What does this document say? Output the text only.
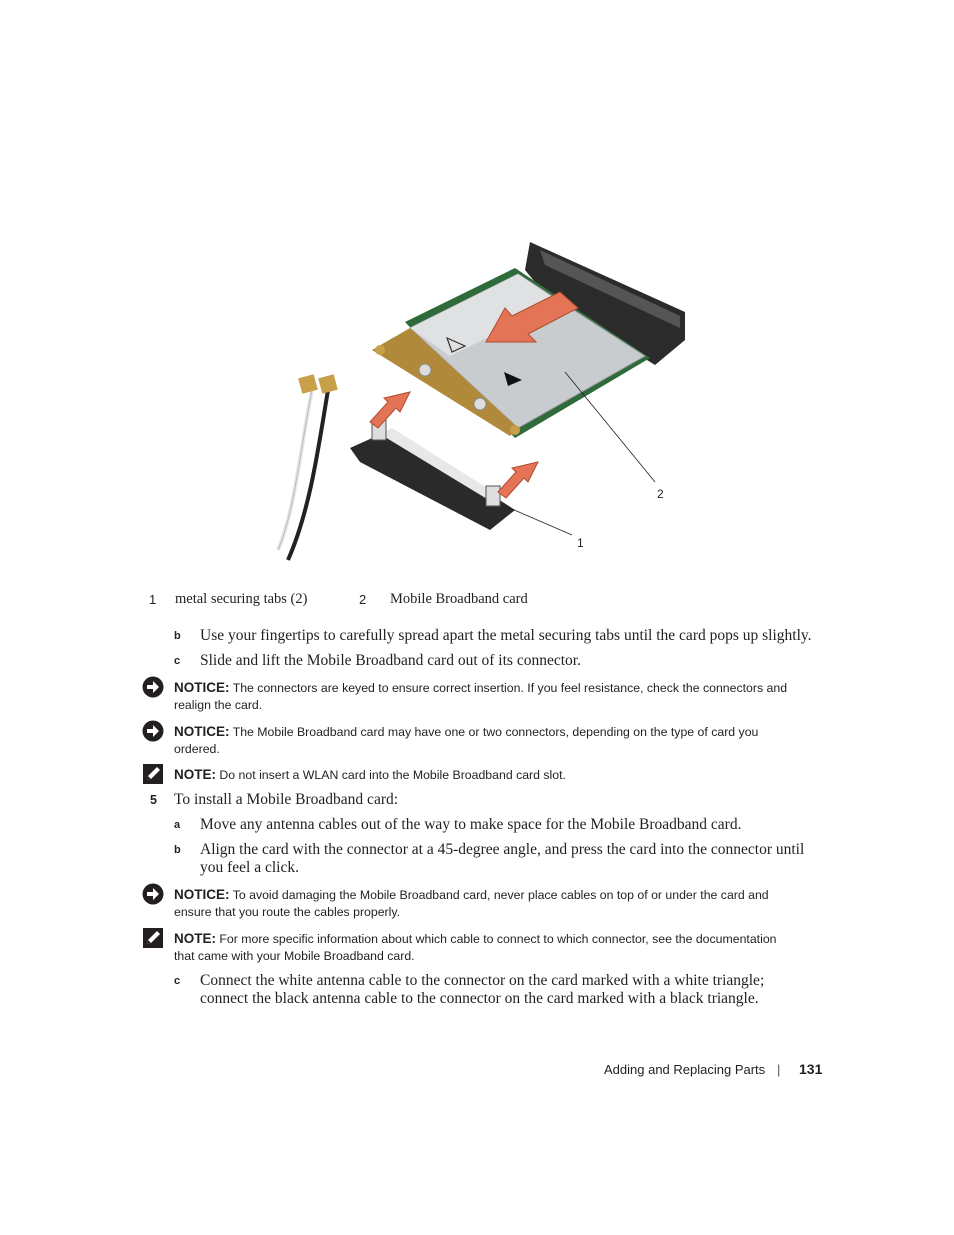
2
1
1 metal securing tabs (2)	2 Mobile Broadband card
b Use your fingertips to carefully spread apart the metal securing tabs until the card pops up slightly.
c Slide and lift the Mobile Broadband card out of its connector.
NOTICE: The connectors are keyed to ensure correct insertion. If you feel resistance, check the connectors and
realign the card.
NOTICE: The Mobile Broadband card may have one or two connectors, depending on the type of card you
ordered.
NOTE: Do not insert a WLAN card into the Mobile Broadband card slot.
5 To install a Mobile Broadband card:
a Move any antenna cables out of the way to make space for the Mobile Broadband card.
b Align the card with the connector at a 45-degree angle, and press the card into the connector until
you feel a click.
NOTICE: To avoid damaging the Mobile Broadband card, never place cables on top of or under the card and
ensure that you route the cables properly.
NOTE: For more specific information about which cable to connect to which connector, see the documentation
that came with your Mobile Broadband card.
c Connect the white antenna cable to the connector on the card marked with a white triangle;
connect the black antenna cable to the connector on the card marked with a black triangle.
Adding and Replacing Parts | 131
